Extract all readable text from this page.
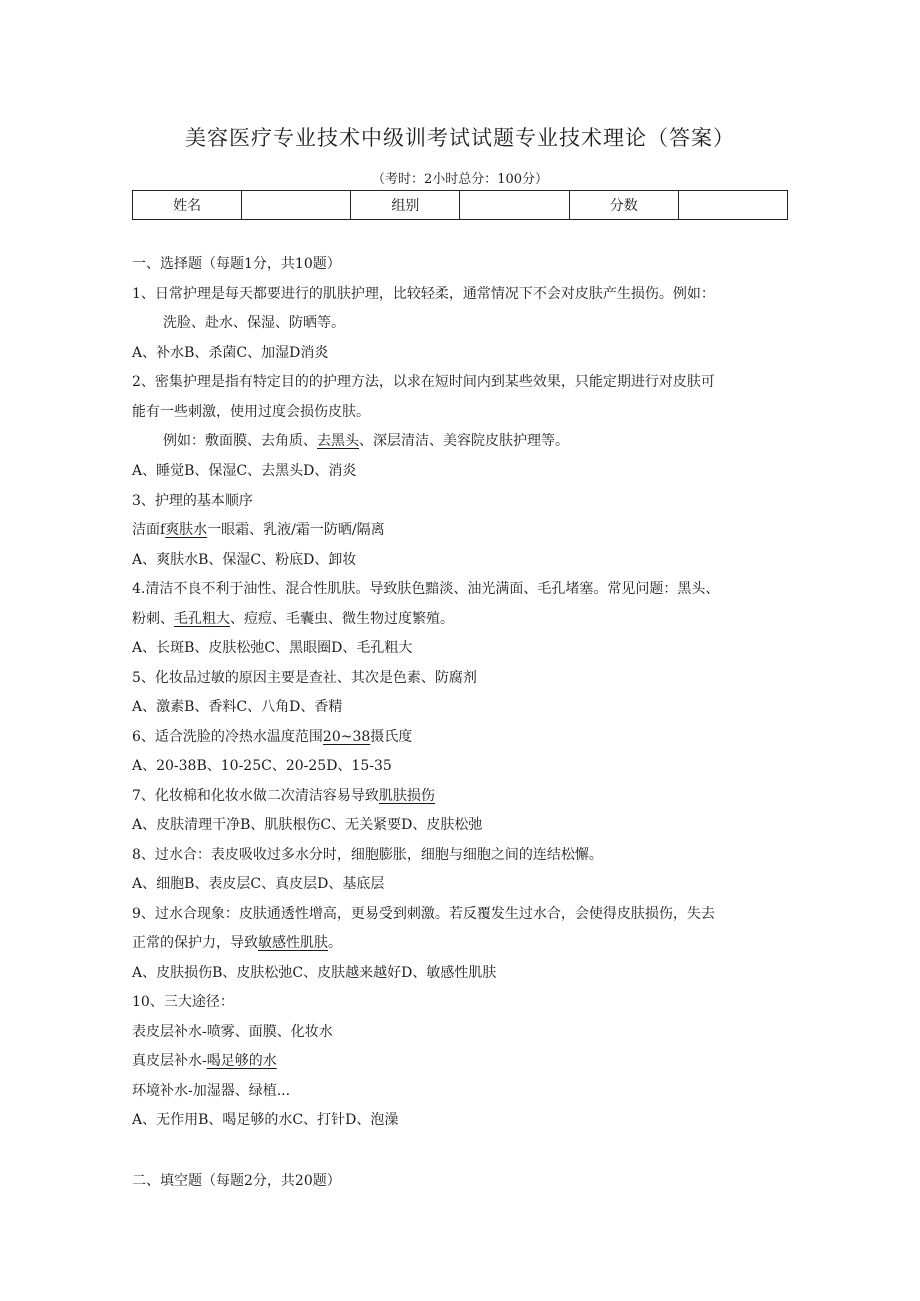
美容医疗专业技术中级训考试试题专业技术理论（答案）
（考时：2小时总分：100分）
姓名		组别		分数	
一、选择题（每题1分，共10题）
1、日常护理是每天都要进行的肌肤护理，比较轻柔，通常情况下不会对皮肤产生损伤。例如：
洗脸、赴水、保湿、防晒等。
A、补水B、杀菌C、加湿D消炎
2、密集护理是指有特定目的的护理方法，以求在短时间内到某些效果，只能定期进行对皮肤可
能有一些刺激，使用过度会损伤皮肤。
例如：敷面膜、去角质、去黑头、深层清洁、美容院皮肤护理等。
A、睡觉B、保湿C、去黑头D、消炎
3、护理的基本顺序
洁面f爽肤水一眼霜、乳液/霜一防晒/隔离
A、爽肤水B、保湿C、粉底D、卸妆
4.清洁不良不利于油性、混合性肌肤。导致肤色黯淡、油光满面、毛孔堵塞。常见问题：黑头、
粉刺、毛孔粗大、痘痘、毛囊虫、微生物过度繁殖。
A、长斑B、皮肤松弛C、黑眼圈D、毛孔粗大
5、化妆品过敏的原因主要是查社、其次是色素、防腐剂
A、激素B、香料C、八角D、香精
6、适合洗脸的冷热水温度范围20~38摄氏度
A、20-38B、10-25C、20-25D、15-35
7、化妆棉和化妆水做二次清洁容易导致肌肤损伤
A、皮肤清理干净B、肌肤根伤C、无关紧要D、皮肤松弛
8、过水合：表皮吸收过多水分时，细胞膨胀，细胞与细胞之间的连结松懈。
A、细胞B、表皮层C、真皮层D、基底层
9、过水合现象：皮肤通透性增高，更易受到刺激。若反覆发生过水合，会使得皮肤损伤，失去
正常的保护力，导致敏感性肌肤。
A、皮肤损伤B、皮肤松弛C、皮肤越来越好D、敏感性肌肤
10、三大途径：
表皮层补水-喷雾、面膜、化妆水
真皮层补水-喝足够的水
环境补水-加湿器、绿植...
A、无作用B、喝足够的水C、打针D、泡澡
二、填空题（每题2分，共20题）
